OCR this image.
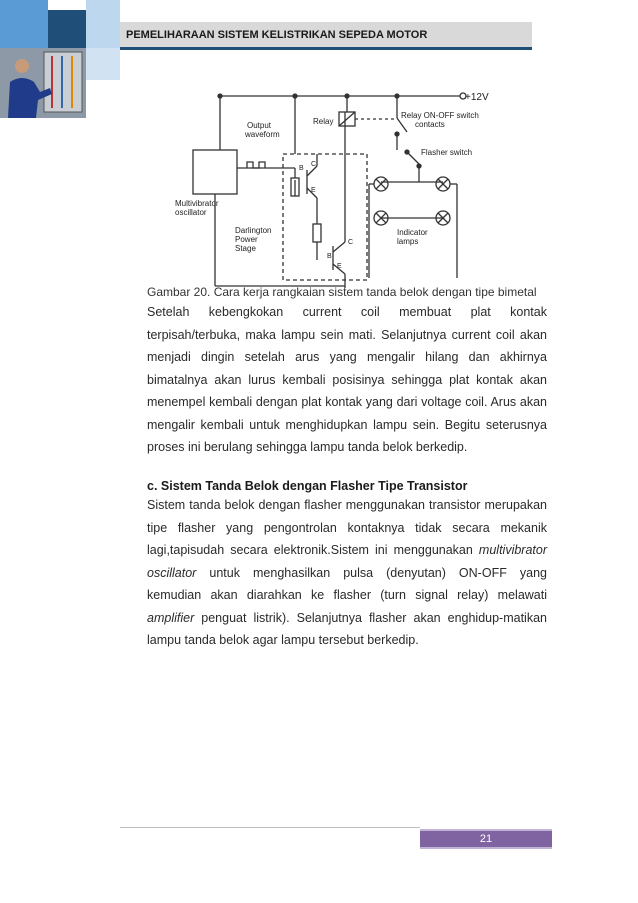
PEMELIHARAAN SISTEM KELISTRIKAN SEPEDA MOTOR
+12V
Relay
Relay ON-OFF switch
contacts
Output
waveform
Flasher switch
Multivibrator
oscillator
Darlington
Power
Stage
Indicator
lamps
B
C
E
B
C
E
Gambar 20. Cara kerja rangkaian sistem tanda belok dengan tipe bimetal

Setelah kebengkokan current coil membuat plat kontak terpisah/terbuka, maka lampu sein mati. Selanjutnya current coil akan menjadi dingin setelah arus yang mengalir hilang dan akhirnya bimatalnya akan lurus kembali posisinya sehingga plat kontak akan menempel kembali dengan plat kontak yang dari voltage coil. Arus akan mengalir kembali untuk menghidupkan lampu sein. Begitu seterusnya proses ini berulang sehingga lampu tanda belok berkedip.

c. Sistem Tanda Belok dengan Flasher Tipe Transistor

Sistem tanda belok dengan flasher menggunakan transistor merupakan tipe flasher yang pengontrolan kontaknya tidak secara mekanik lagi,tapisudah secara elektronik.Sistem ini menggunakan multivibrator oscillator untuk menghasilkan pulsa (denyutan) ON-OFF yang kemudian akan diarahkan ke flasher (turn signal relay) melawati amplifier penguat listrik). Selanjutnya flasher akan enghidup-matikan lampu tanda belok agar lampu tersebut berkedip.

21
